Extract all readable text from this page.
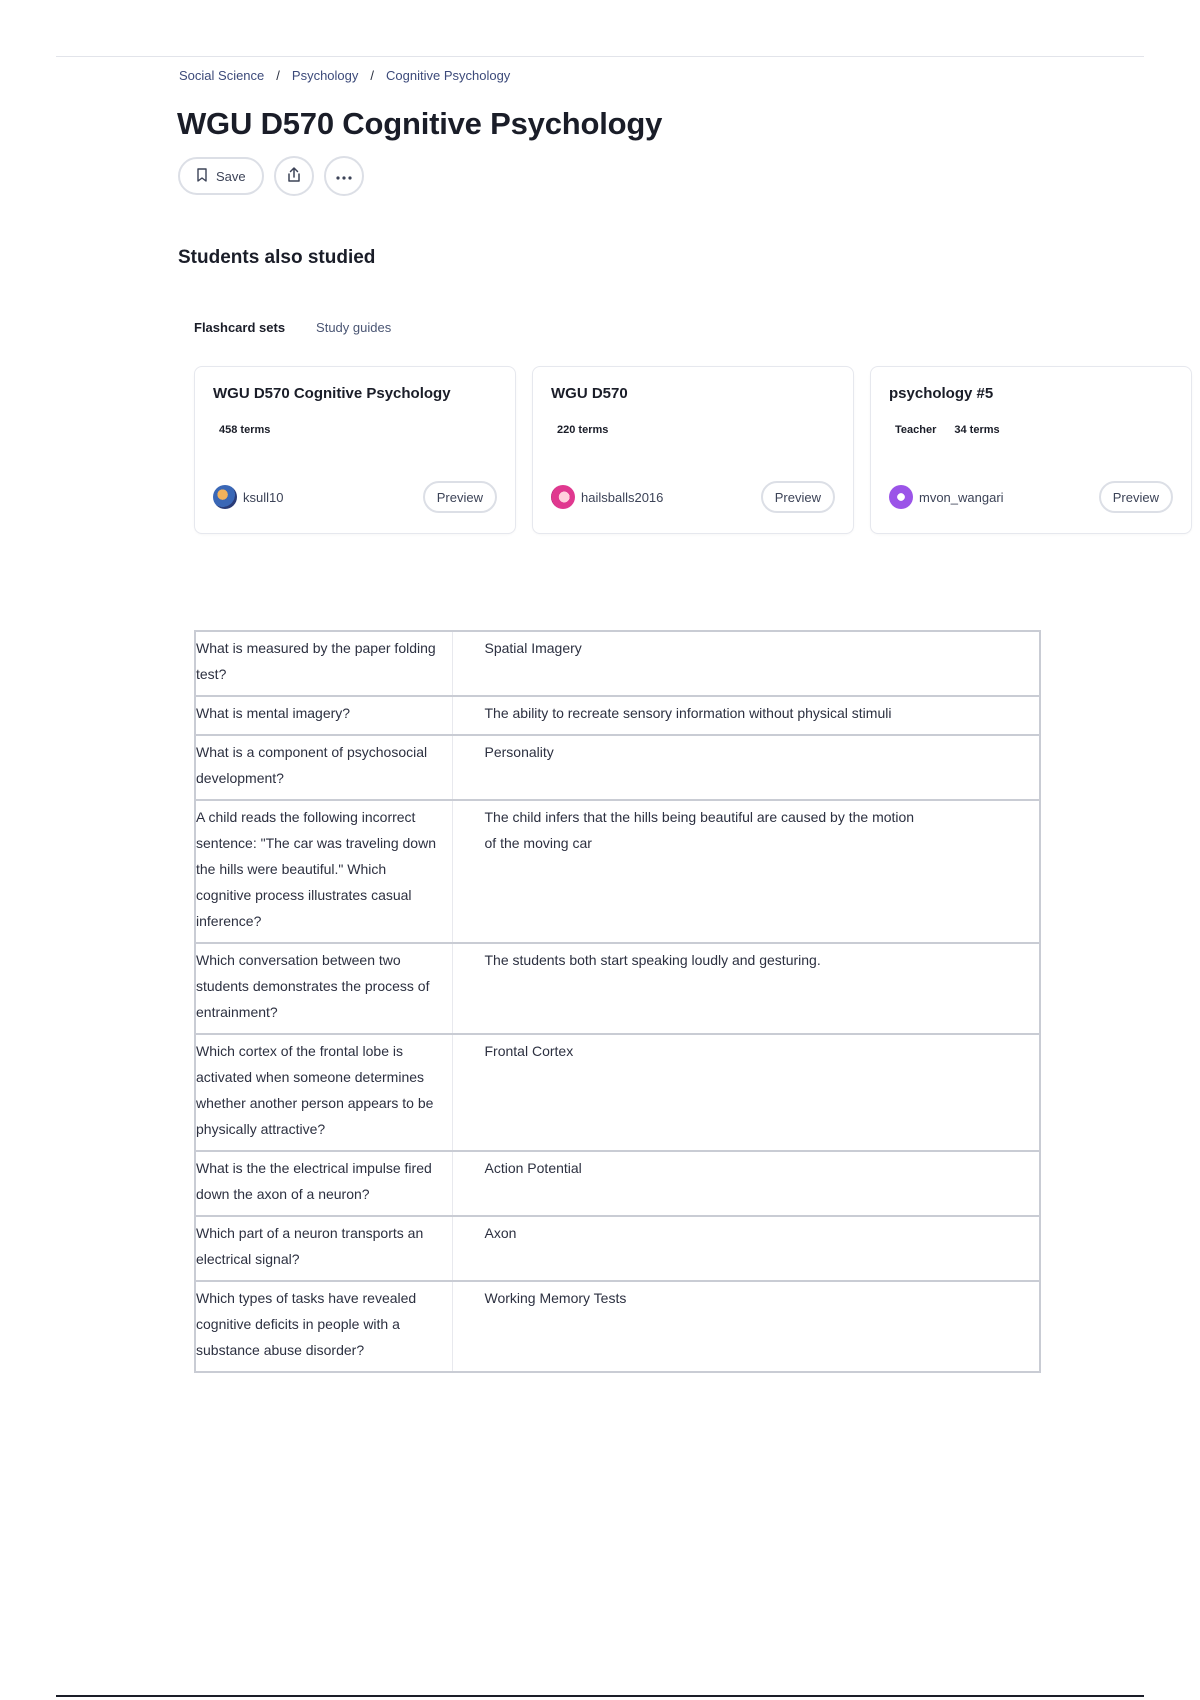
Social Science / Psychology / Cognitive Psychology
WGU D570 Cognitive Psychology
Save
Students also studied
Flashcard sets Study guides
WGU D570 Cognitive Psychology
458 terms
ksull10	Preview
WGU D570
220 terms
hailsballs2016	Preview
psychology #5
Teacher 34 terms
mvon_wangari	Preview
What is measured by the paper folding test?	Spatial Imagery
What is mental imagery?	The ability to recreate sensory information without physical stimuli
What is a component of psychosocial development?	Personality
A child reads the following incorrect sentence: "The car was traveling down the hills were beautiful." Which cognitive process illustrates casual inference?	The child infers that the hills being beautiful are caused by the motion of the moving car
Which conversation between two students demonstrates the process of entrainment?	The students both start speaking loudly and gesturing.
Which cortex of the frontal lobe is activated when someone determines whether another person appears to be physically attractive?	Frontal Cortex
What is the the electrical impulse fired down the axon of a neuron?	Action Potential
Which part of a neuron transports an electrical signal?	Axon
Which types of tasks have revealed cognitive deficits in people with a substance abuse disorder?	Working Memory Tests
